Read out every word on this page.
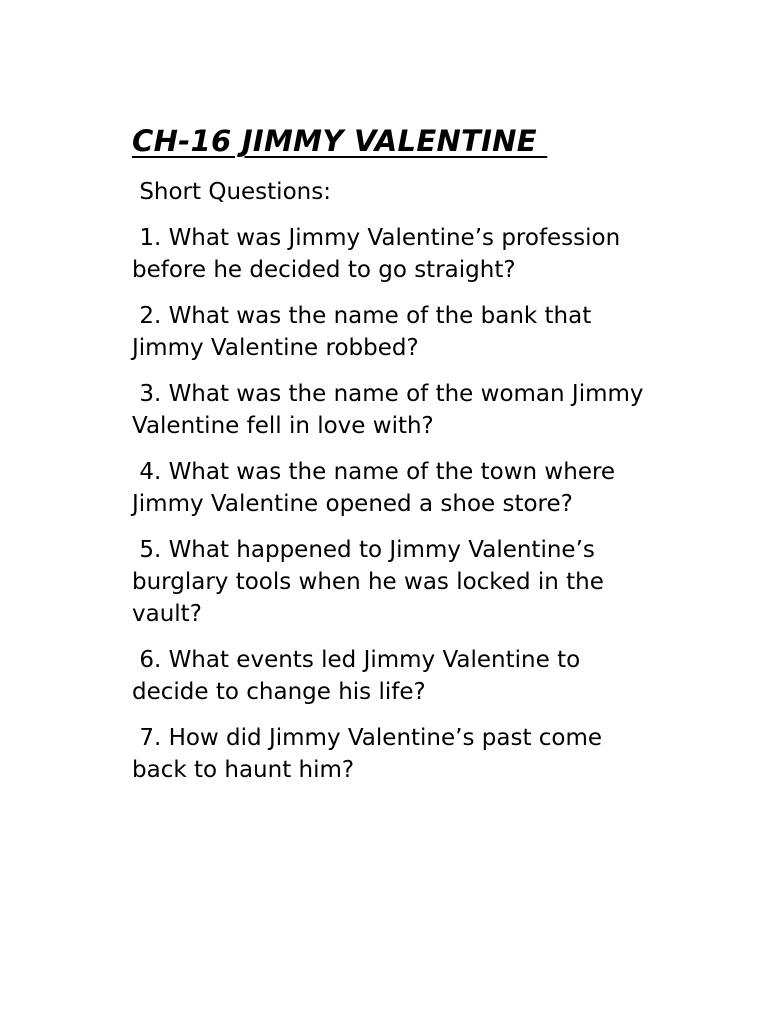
CH-16 JIMMY VALENTINE

Short Questions:

1. What was Jimmy Valentine’s profession before he decided to go straight?
2. What was the name of the bank that Jimmy Valentine robbed?
3. What was the name of the woman Jimmy Valentine fell in love with?
4. What was the name of the town where Jimmy Valentine opened a shoe store?
5. What happened to Jimmy Valentine’s burglary tools when he was locked in the vault?
6. What events led Jimmy Valentine to decide to change his life?
7. How did Jimmy Valentine’s past come back to haunt him?
